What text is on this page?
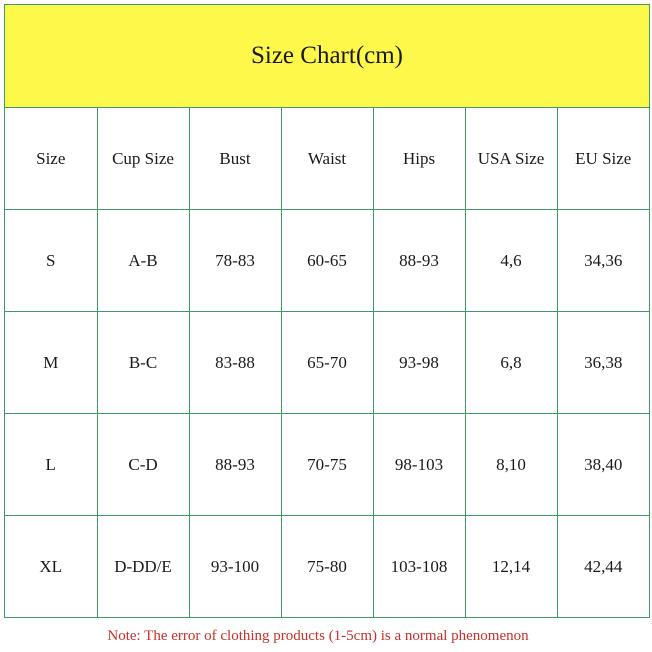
Size Chart(cm)
Size	Cup Size	Bust	Waist	Hips	USA Size	EU Size
S	A-B	78-83	60-65	88-93	4,6	34,36
M	B-C	83-88	65-70	93-98	6,8	36,38
L	C-D	88-93	70-75	98-103	8,10	38,40
XL	D-DD/E	93-100	75-80	103-108	12,14	42,44
Note: The error of clothing products (1-5cm) is a normal phenomenon
